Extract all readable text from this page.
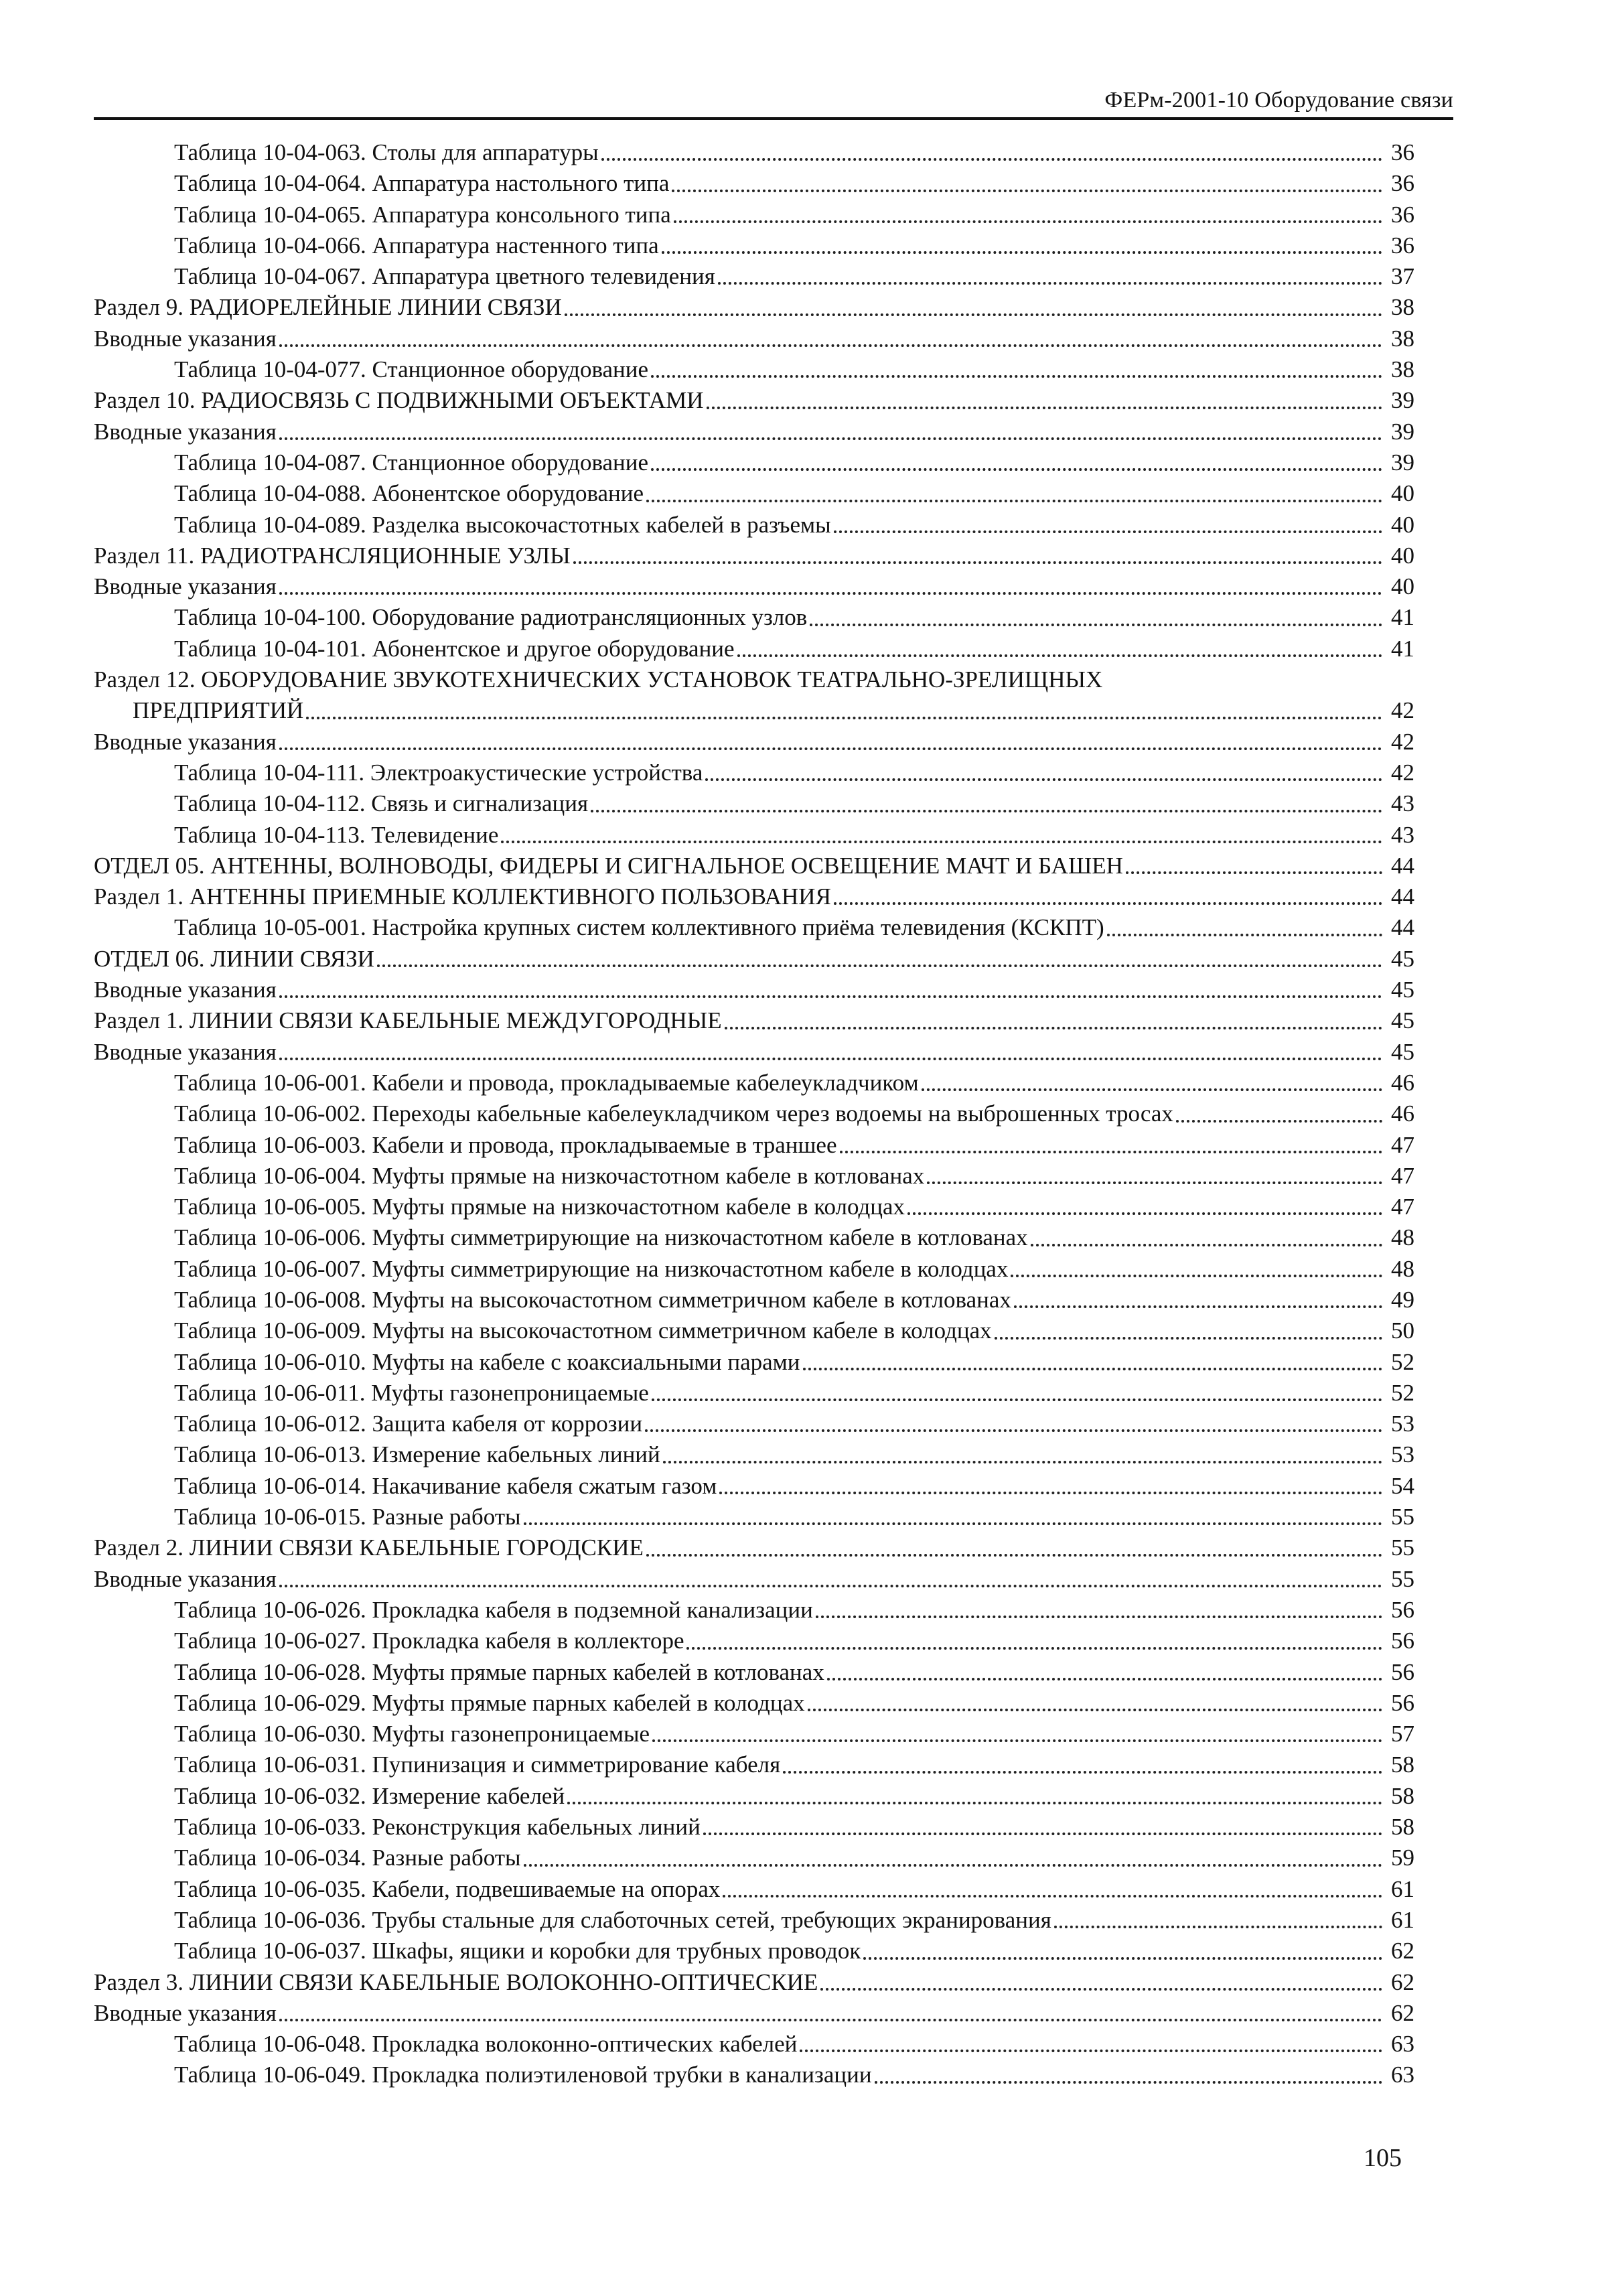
ФЕРм-2001-10 Оборудование связи
Таблица 10-04-063. Столы для аппаратуры	36
Таблица 10-04-064. Аппаратура настольного типа	36
Таблица 10-04-065. Аппаратура консольного типа	36
Таблица 10-04-066. Аппаратура настенного типа	36
Таблица 10-04-067. Аппаратура цветного телевидения	37
Раздел 9. РАДИОРЕЛЕЙНЫЕ ЛИНИИ СВЯЗИ	38
Вводные указания	38
Таблица 10-04-077. Станционное оборудование	38
Раздел 10. РАДИОСВЯЗЬ С ПОДВИЖНЫМИ ОБЪЕКТАМИ	39
Вводные указания	39
Таблица 10-04-087. Станционное оборудование	39
Таблица 10-04-088. Абонентское оборудование	40
Таблица 10-04-089. Разделка высокочастотных кабелей в разъемы	40
Раздел 11. РАДИОТРАНСЛЯЦИОННЫЕ УЗЛЫ	40
Вводные указания	40
Таблица 10-04-100. Оборудование радиотрансляционных узлов	41
Таблица 10-04-101. Абонентское и другое оборудование	41
Раздел 12. ОБОРУДОВАНИЕ ЗВУКОТЕХНИЧЕСКИХ УСТАНОВОК ТЕАТРАЛЬНО-ЗРЕЛИЩНЫХ
ПРЕДПРИЯТИЙ	42
Вводные указания	42
Таблица 10-04-111. Электроакустические устройства	42
Таблица 10-04-112. Связь и сигнализация	43
Таблица 10-04-113. Телевидение	43
ОТДЕЛ 05. АНТЕННЫ, ВОЛНОВОДЫ, ФИДЕРЫ И СИГНАЛЬНОЕ ОСВЕЩЕНИЕ МАЧТ И БАШЕН	44
Раздел 1. АНТЕННЫ ПРИЕМНЫЕ КОЛЛЕКТИВНОГО ПОЛЬЗОВАНИЯ	44
Таблица 10-05-001. Настройка крупных систем коллективного приёма телевидения (КСКПТ)	44
ОТДЕЛ 06. ЛИНИИ СВЯЗИ	45
Вводные указания	45
Раздел 1. ЛИНИИ СВЯЗИ КАБЕЛЬНЫЕ МЕЖДУГОРОДНЫЕ	45
Вводные указания	45
Таблица 10-06-001. Кабели и провода, прокладываемые кабелеукладчиком	46
Таблица 10-06-002. Переходы кабельные кабелеукладчиком через водоемы на выброшенных тросах	46
Таблица 10-06-003. Кабели и провода, прокладываемые в траншее	47
Таблица 10-06-004. Муфты прямые на низкочастотном кабеле в котлованах	47
Таблица 10-06-005. Муфты прямые на низкочастотном кабеле в колодцах	47
Таблица 10-06-006. Муфты симметрирующие на низкочастотном кабеле в котлованах	48
Таблица 10-06-007. Муфты симметрирующие на низкочастотном кабеле в колодцах	48
Таблица 10-06-008. Муфты на высокочастотном симметричном кабеле в котлованах	49
Таблица 10-06-009. Муфты на высокочастотном симметричном кабеле в колодцах	50
Таблица 10-06-010. Муфты на кабеле с коаксиальными парами	52
Таблица 10-06-011. Муфты газонепроницаемые	52
Таблица 10-06-012. Защита кабеля от коррозии	53
Таблица 10-06-013. Измерение кабельных линий	53
Таблица 10-06-014. Накачивание кабеля сжатым газом	54
Таблица 10-06-015. Разные работы	55
Раздел 2. ЛИНИИ СВЯЗИ КАБЕЛЬНЫЕ ГОРОДСКИЕ	55
Вводные указания	55
Таблица 10-06-026. Прокладка кабеля в подземной канализации	56
Таблица 10-06-027. Прокладка кабеля в коллекторе	56
Таблица 10-06-028. Муфты прямые парных кабелей в котлованах	56
Таблица 10-06-029. Муфты прямые парных кабелей в колодцах	56
Таблица 10-06-030. Муфты газонепроницаемые	57
Таблица 10-06-031. Пупинизация и симметрирование кабеля	58
Таблица 10-06-032. Измерение кабелей	58
Таблица 10-06-033. Реконструкция кабельных линий	58
Таблица 10-06-034. Разные работы	59
Таблица 10-06-035. Кабели, подвешиваемые на опорах	61
Таблица 10-06-036. Трубы стальные для слаботочных сетей, требующих экранирования	61
Таблица 10-06-037. Шкафы, ящики и коробки для трубных проводок	62
Раздел 3. ЛИНИИ СВЯЗИ КАБЕЛЬНЫЕ ВОЛОКОННО-ОПТИЧЕСКИЕ	62
Вводные указания	62
Таблица 10-06-048. Прокладка волоконно-оптических кабелей	63
Таблица 10-06-049. Прокладка полиэтиленовой трубки в канализации	63
105
